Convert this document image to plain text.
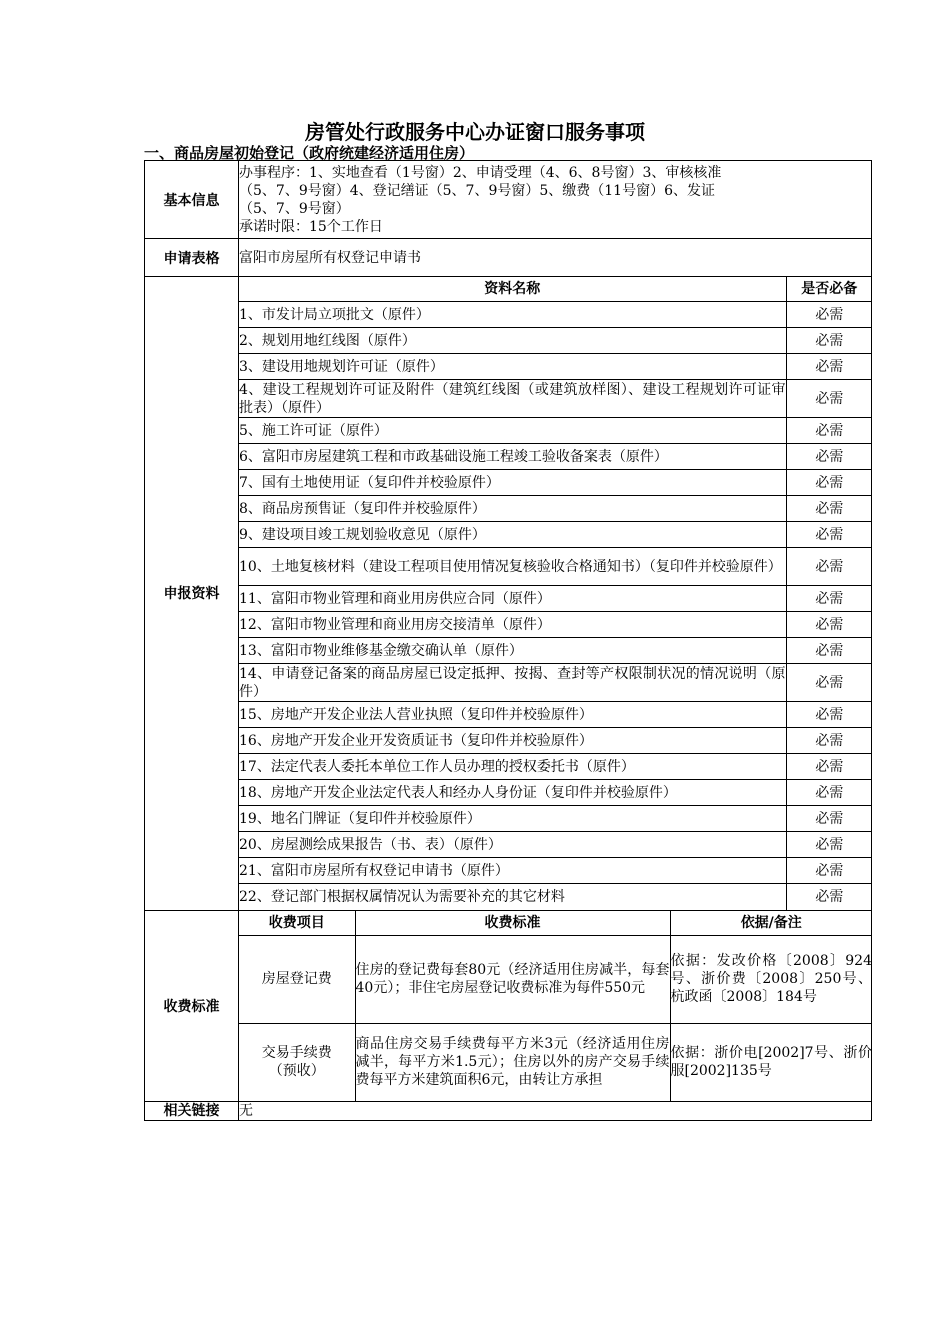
房管处行政服务中心办证窗口服务事项
一、商品房屋初始登记（政府统建经济适用住房）
基本信息	
办事程序：1、实地查看（1号窗）2、申请受理（4、6、8号窗）3、审核核准
（5、7、9号窗）4、登记缮证（5、7、9号窗）5、缴费（11号窗）6、发证
（5、7、9号窗）
承诺时限：15个工作日

申请表格	富阳市房屋所有权登记申请书
申报资料	
资料名称	是否必备
1、市发计局立项批文（原件）	必需
2、规划用地红线图（原件）	必需
3、建设用地规划许可证（原件）	必需
4、建设工程规划许可证及附件（建筑红线图（或建筑放样图）、建设工程规划许可证审批表）（原件）	必需
5、施工许可证（原件）	必需
6、富阳市房屋建筑工程和市政基础设施工程竣工验收备案表（原件）	必需
7、国有土地使用证（复印件并校验原件）	必需
8、商品房预售证（复印件并校验原件）	必需
9、建设项目竣工规划验收意见（原件）	必需
10、土地复核材料（建设工程项目使用情况复核验收合格通知书）（复印件并校验原件）	必需
11、富阳市物业管理和商业用房供应合同（原件）	必需
12、富阳市物业管理和商业用房交接清单（原件）	必需
13、富阳市物业维修基金缴交确认单（原件）	必需
14、申请登记备案的商品房屋已设定抵押、按揭、查封等产权限制状况的情况说明（原件）	必需
15、房地产开发企业法人营业执照（复印件并校验原件）	必需
16、房地产开发企业开发资质证书（复印件并校验原件）	必需
17、法定代表人委托本单位工作人员办理的授权委托书（原件）	必需
18、房地产开发企业法定代表人和经办人身份证（复印件并校验原件）	必需
19、地名门牌证（复印件并校验原件）	必需
20、房屋测绘成果报告（书、表）（原件）	必需
21、富阳市房屋所有权登记申请书（原件）	必需
22、登记部门根据权属情况认为需要补充的其它材料	必需

收费标准	
收费项目	收费标准	依据/备注
房屋登记费	住房的登记费每套80元（经济适用住房减半，每套40元）；非住宅房屋登记收费标准为每件550元	依据：发改价格〔2008〕924号、浙价费〔2008〕250号、杭政函〔2008〕184号
交易手续费
（预收）	商品住房交易手续费每平方米3元（经济适用住房减半，每平方米1.5元）；住房以外的房产交易手续费每平方米建筑面积6元，由转让方承担	依据：浙价电[2002]7号、浙价服[2002]135号

相关链接	无
